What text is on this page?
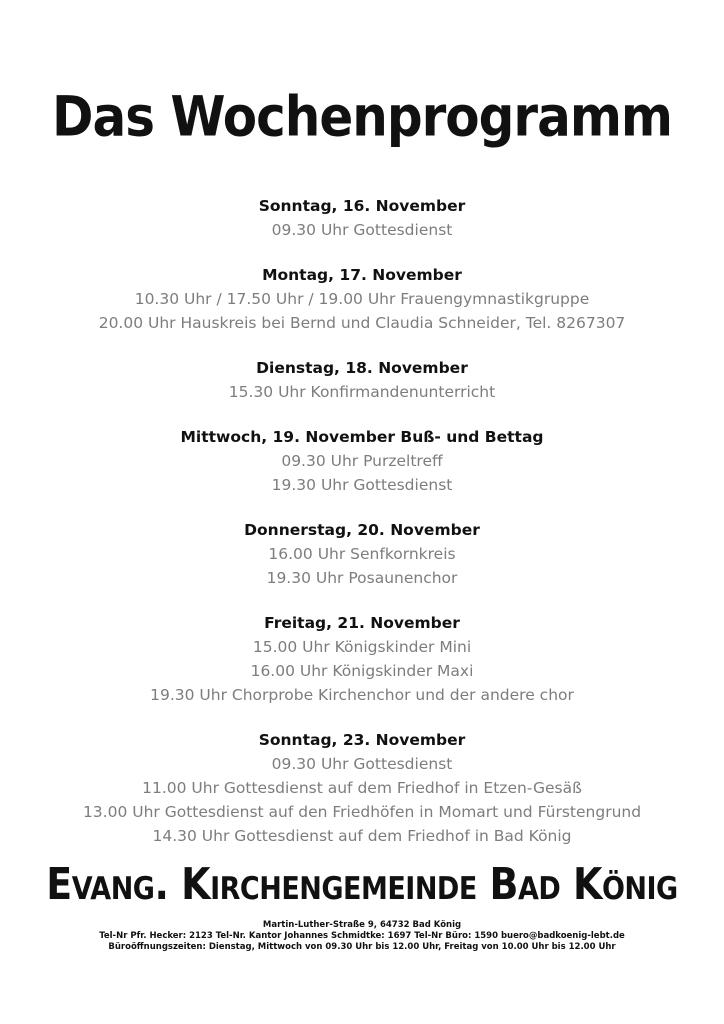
Das Wochenprogramm
Sonntag, 16. November
09.30 Uhr Gottesdienst
Montag, 17. November
10.30 Uhr / 17.50 Uhr / 19.00 Uhr Frauengymnastikgruppe
20.00 Uhr Hauskreis bei Bernd und Claudia Schneider, Tel. 8267307
Dienstag, 18. November
15.30 Uhr Konfirmandenunterricht
Mittwoch, 19. November Buß- und Bettag
09.30 Uhr Purzeltreff
19.30 Uhr Gottesdienst
Donnerstag, 20. November
16.00 Uhr Senfkornkreis
19.30 Uhr Posaunenchor
Freitag, 21. November
15.00 Uhr Königskinder Mini
16.00 Uhr Königskinder Maxi
19.30 Uhr Chorprobe Kirchenchor und der andere chor
Sonntag, 23. November
09.30 Uhr Gottesdienst
11.00 Uhr Gottesdienst auf dem Friedhof in Etzen-Gesäß
13.00 Uhr Gottesdienst auf den Friedhöfen in Momart und Fürstengrund
14.30 Uhr Gottesdienst auf dem Friedhof in Bad König
Evang. Kirchengemeinde Bad König
Martin-Luther-Straße 9, 64732 Bad König
Tel-Nr Pfr. Hecker: 2123 Tel-Nr. Kantor Johannes Schmidtke: 1697 Tel-Nr Büro: 1590 buero@badkoenig-lebt.de
Büroöffnungszeiten: Dienstag, Mittwoch von 09.30 Uhr bis 12.00 Uhr, Freitag von 10.00 Uhr bis 12.00 Uhr
